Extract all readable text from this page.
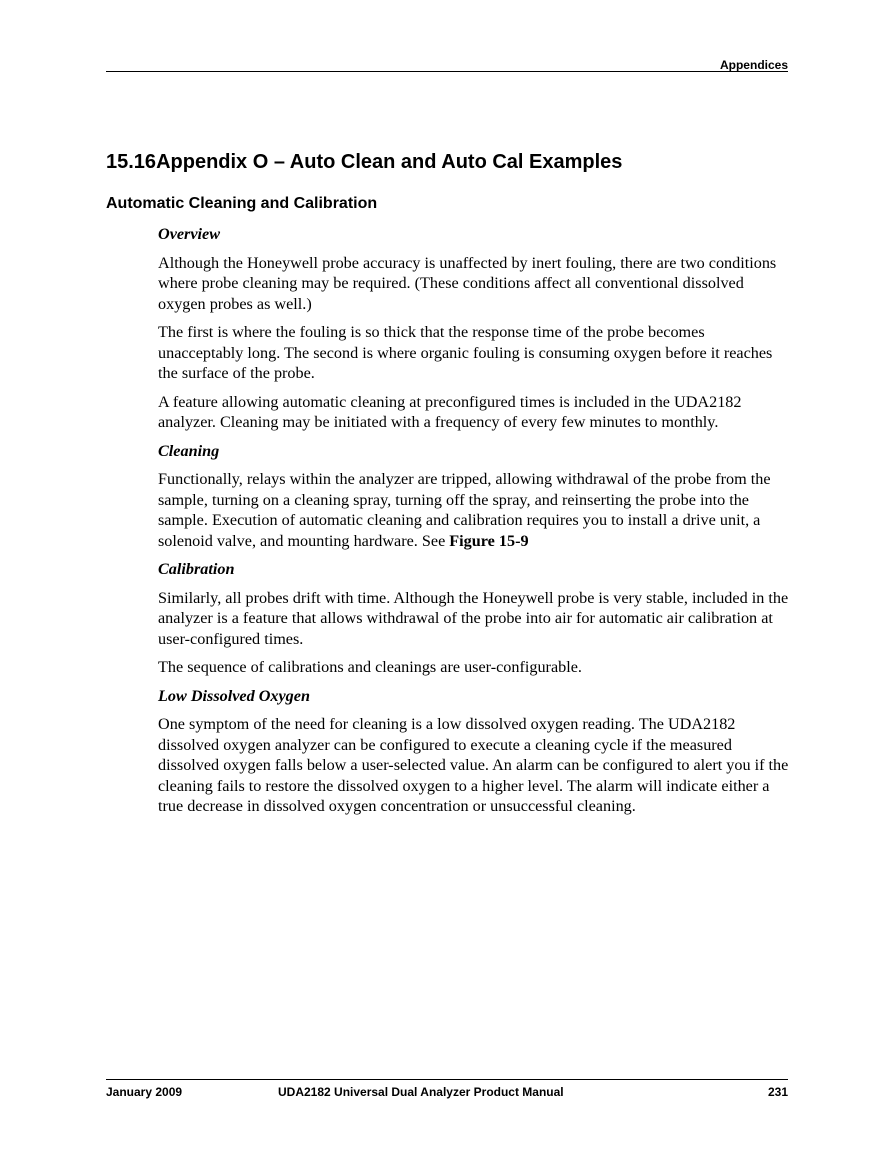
Appendices
15.16Appendix O – Auto Clean and Auto Cal Examples
Automatic Cleaning and Calibration
Overview

Although the Honeywell probe accuracy is unaffected by inert fouling, there are two conditions where probe cleaning may be required. (These conditions affect all conventional dissolved oxygen probes as well.)

The first is where the fouling is so thick that the response time of the probe becomes unacceptably long. The second is where organic fouling is consuming oxygen before it reaches the surface of the probe.

A feature allowing automatic cleaning at preconfigured times is included in the UDA2182 analyzer. Cleaning may be initiated with a frequency of every few minutes to monthly.

Cleaning

Functionally, relays within the analyzer are tripped, allowing withdrawal of the probe from the sample, turning on a cleaning spray, turning off the spray, and reinserting the probe into the sample. Execution of automatic cleaning and calibration requires you to install a drive unit, a solenoid valve, and mounting hardware. See Figure 15-9

Calibration

Similarly, all probes drift with time. Although the Honeywell probe is very stable, included in the analyzer is a feature that allows withdrawal of the probe into air for automatic air calibration at user-configured times.

The sequence of calibrations and cleanings are user-configurable.

Low Dissolved Oxygen

One symptom of the need for cleaning is a low dissolved oxygen reading. The UDA2182 dissolved oxygen analyzer can be configured to execute a cleaning cycle if the measured dissolved oxygen falls below a user-selected value. An alarm can be configured to alert you if the cleaning fails to restore the dissolved oxygen to a higher level. The alarm will indicate either a true decrease in dissolved oxygen concentration or unsuccessful cleaning.

January 2009	UDA2182 Universal Dual Analyzer Product Manual	231
